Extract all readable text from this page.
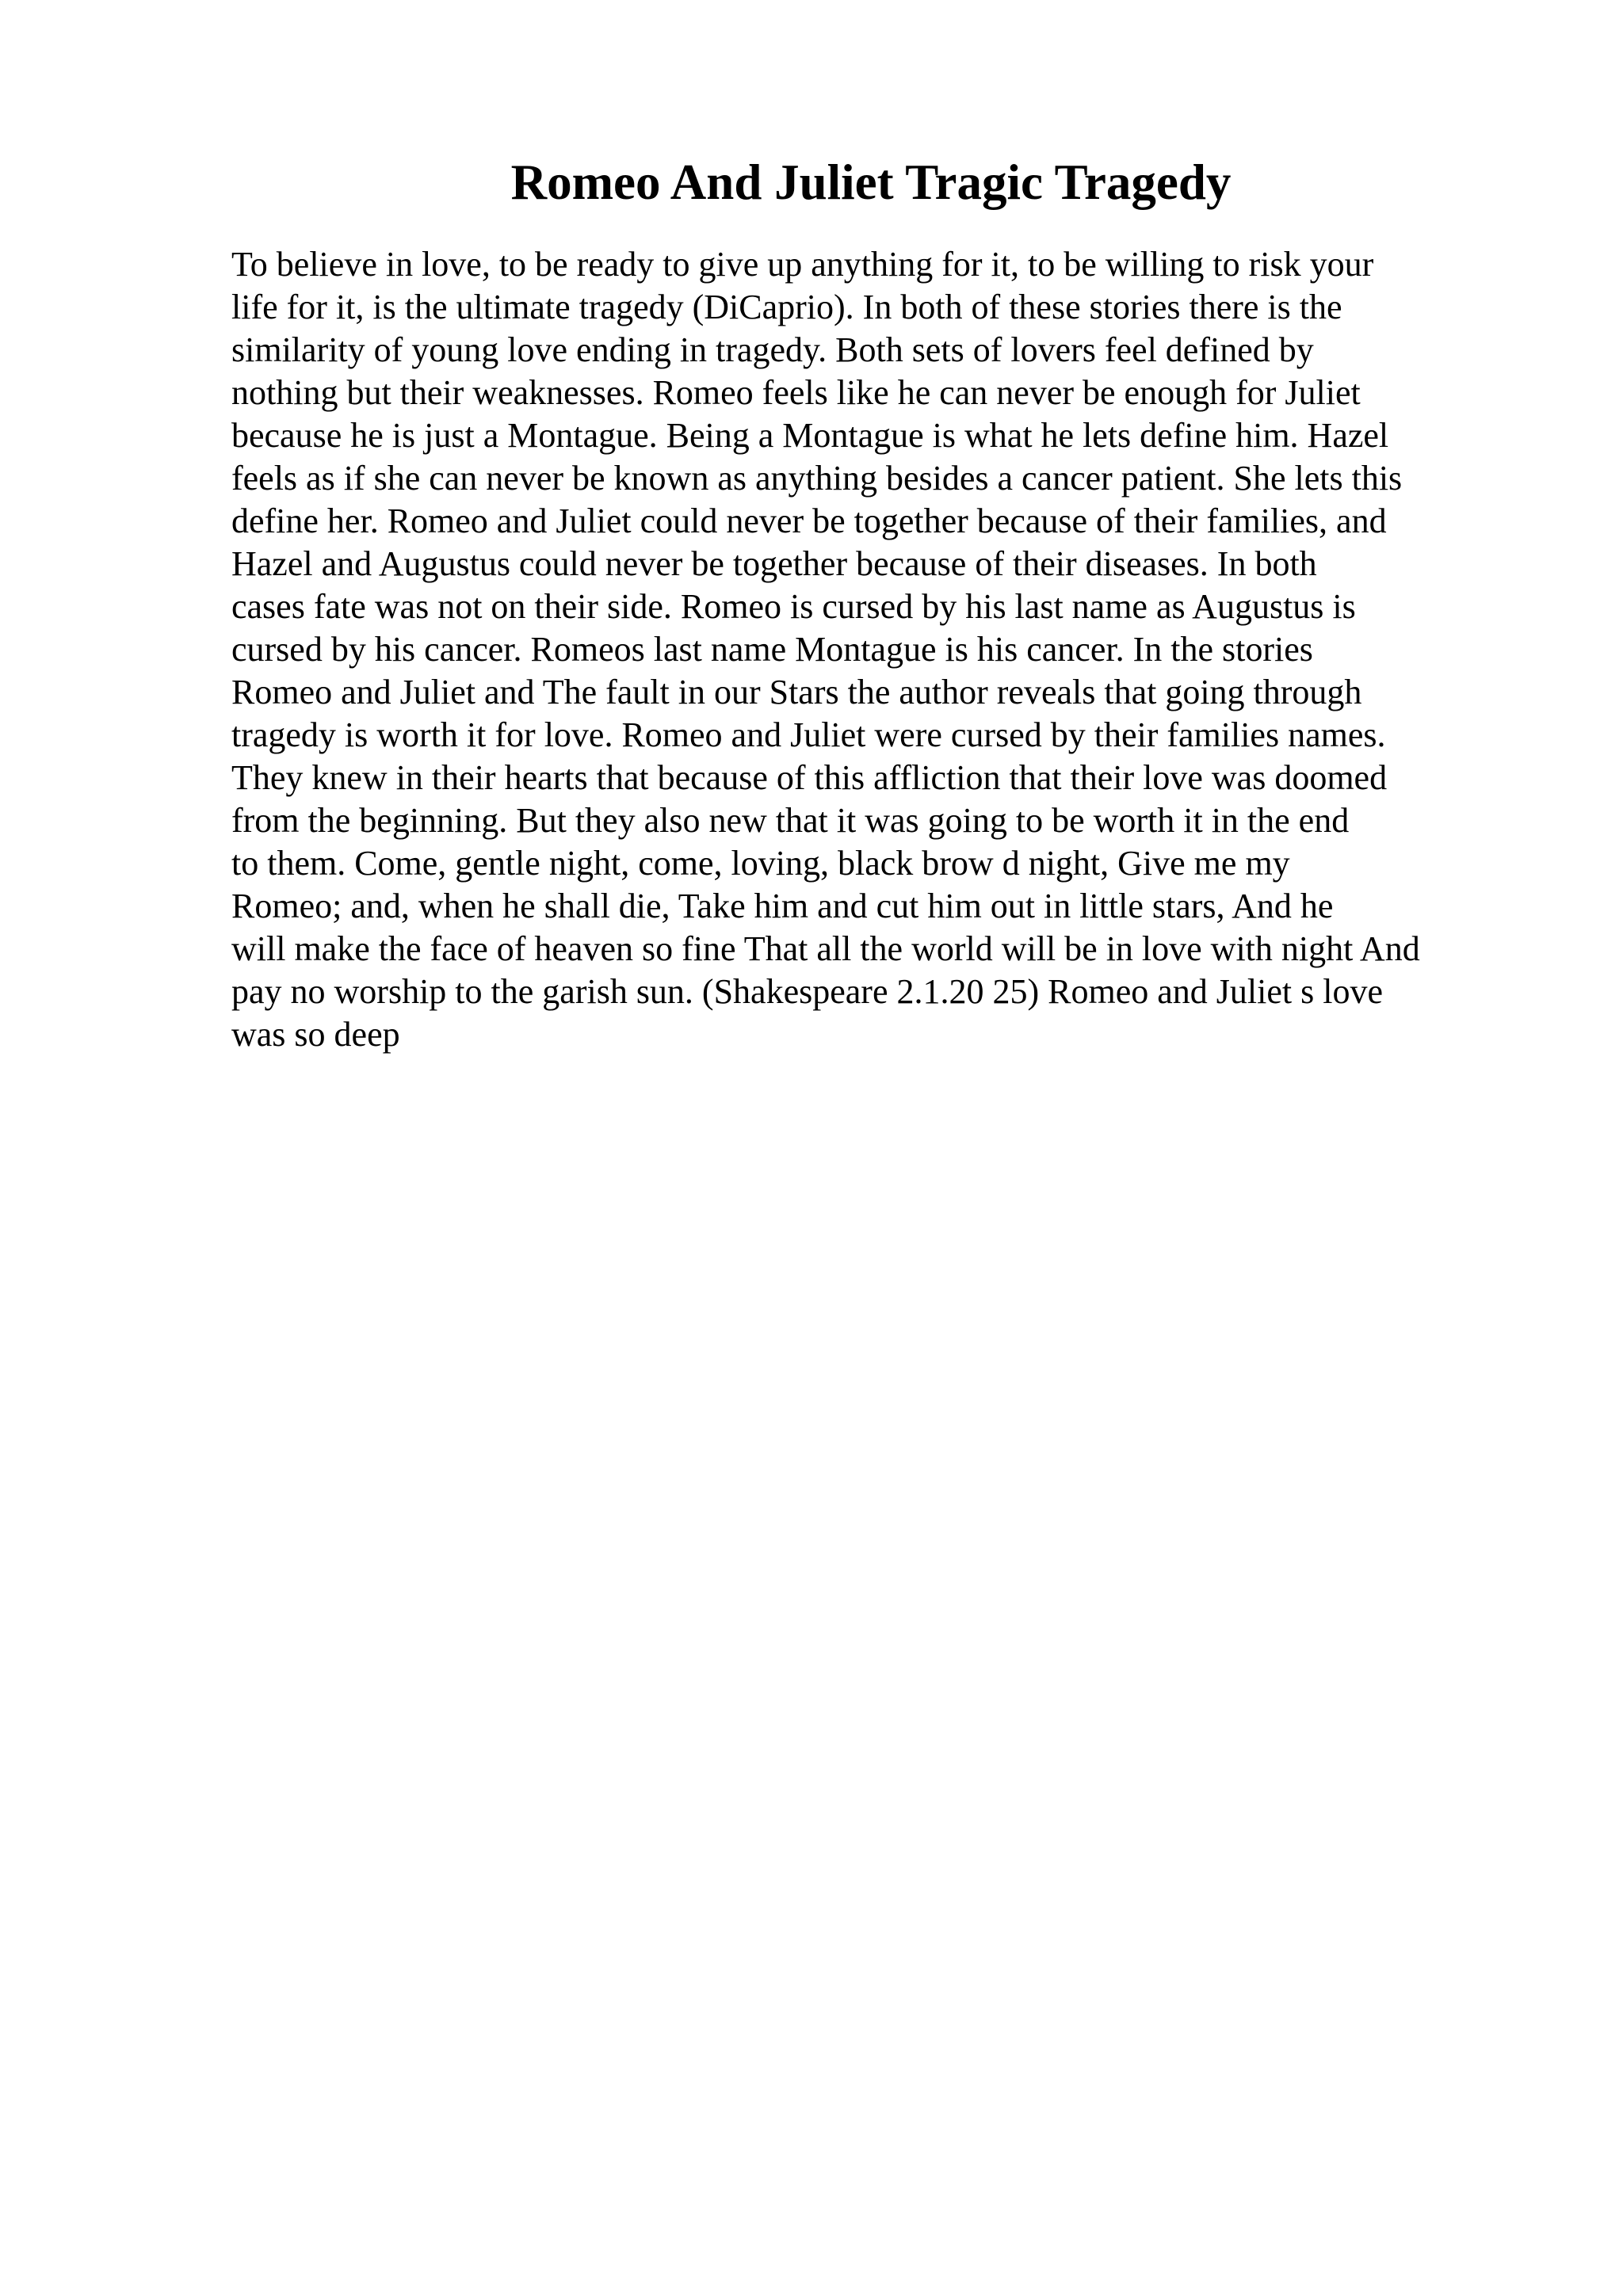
Romeo And Juliet Tragic Tragedy
To believe in love, to be ready to give up anything for it, to be willing to risk your
life for it, is the ultimate tragedy (DiCaprio). In both of these stories there is the
similarity of young love ending in tragedy. Both sets of lovers feel defined by
nothing but their weaknesses. Romeo feels like he can never be enough for Juliet
because he is just a Montague. Being a Montague is what he lets define him. Hazel
feels as if she can never be known as anything besides a cancer patient. She lets this
define her. Romeo and Juliet could never be together because of their families, and
Hazel and Augustus could never be together because of their diseases. In both
cases fate was not on their side. Romeo is cursed by his last name as Augustus is
cursed by his cancer. Romeos last name Montague is his cancer. In the stories
Romeo and Juliet and The fault in our Stars the author reveals that going through
tragedy is worth it for love. Romeo and Juliet were cursed by their families names.
They knew in their hearts that because of this affliction that their love was doomed
from the beginning. But they also new that it was going to be worth it in the end
to them. Come, gentle night, come, loving, black brow d night, Give me my
Romeo; and, when he shall die, Take him and cut him out in little stars, And he
will make the face of heaven so fine That all the world will be in love with night And
pay no worship to the garish sun. (Shakespeare 2.1.20 25) Romeo and Juliet s love
was so deep
